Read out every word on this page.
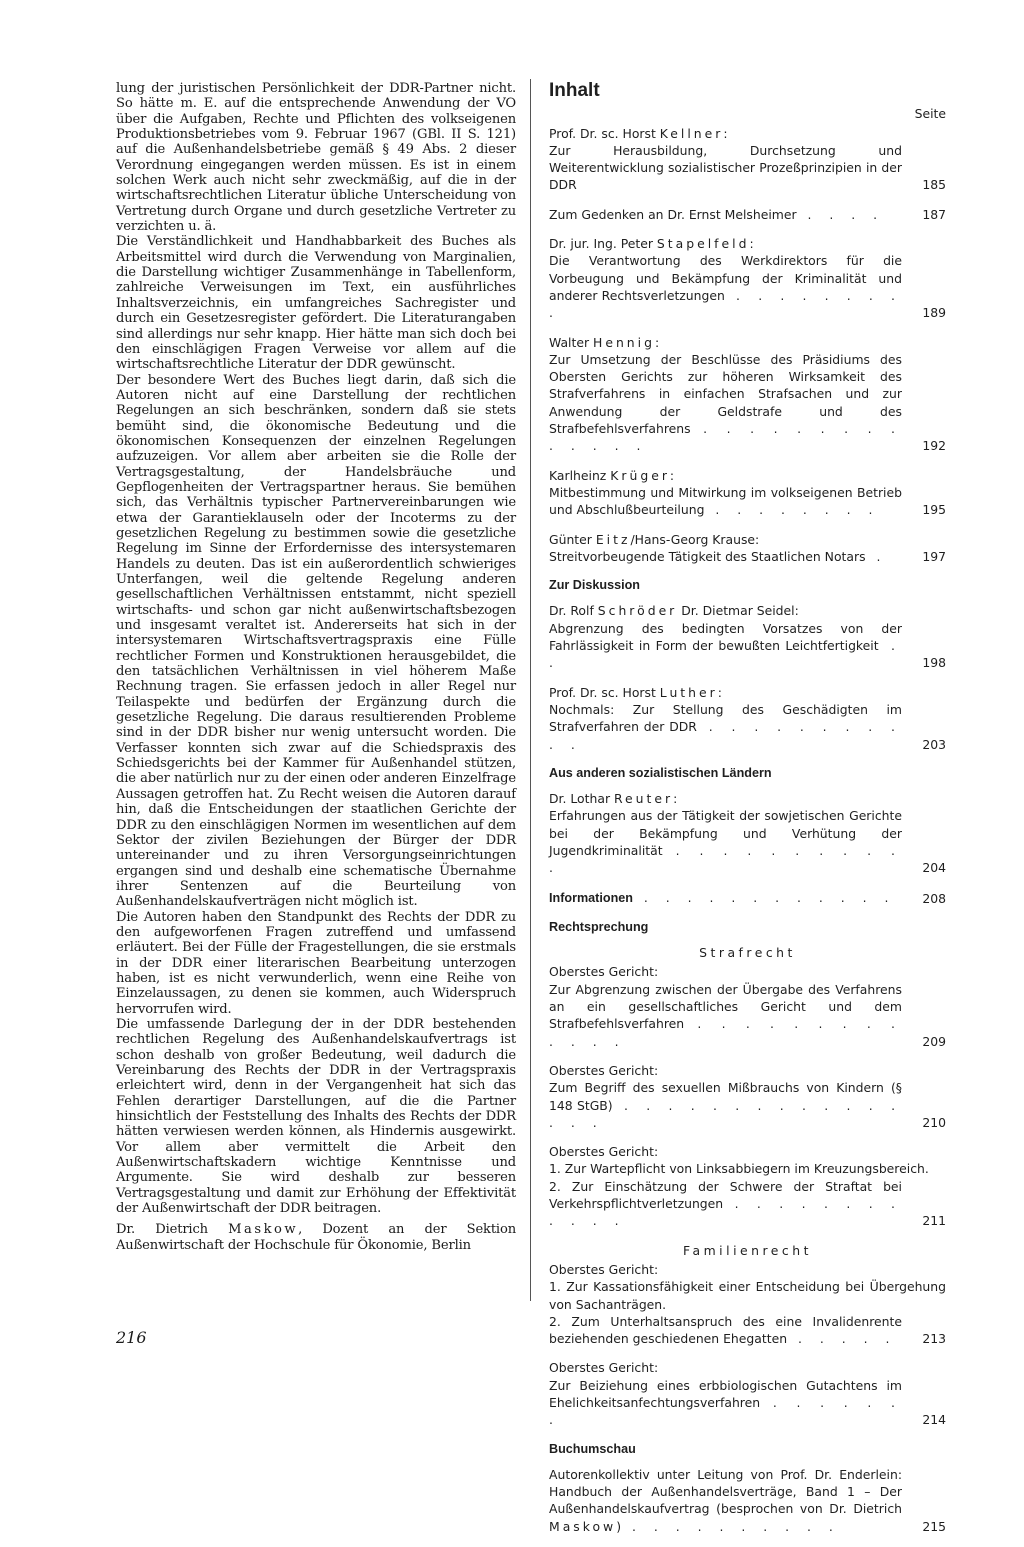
lung der juristischen Persönlichkeit der DDR-Partner nicht. So hätte m. E. auf die entsprechende Anwendung der VO über die Aufgaben, Rechte und Pflichten des volkseigenen Produktionsbetriebes vom 9. Februar 1967 (GBl. II S. 121) auf die Außenhandelsbetriebe gemäß § 49 Abs. 2 dieser Verordnung eingegangen werden müssen. Es ist in einem solchen Werk auch nicht sehr zweckmäßig, auf die in der wirtschaftsrechtlichen Literatur übliche Unterscheidung von Vertretung durch Organe und durch gesetzliche Vertreter zu verzichten u. ä.

Die Verständlichkeit und Handhabbarkeit des Buches als Arbeitsmittel wird durch die Verwendung von Marginalien, die Darstellung wichtiger Zusammenhänge in Tabellenform, zahlreiche Verweisungen im Text, ein ausführliches Inhaltsverzeichnis, ein umfangreiches Sachregister und durch ein Gesetzesregister gefördert. Die Literaturangaben sind allerdings nur sehr knapp. Hier hätte man sich doch bei den einschlägigen Fragen Verweise vor allem auf die wirtschaftsrechtliche Literatur der DDR gewünscht.

Der besondere Wert des Buches liegt darin, daß sich die Autoren nicht auf eine Darstellung der rechtlichen Regelungen an sich beschränken, sondern daß sie stets bemüht sind, die ökonomische Bedeutung und die ökonomischen Konsequenzen der einzelnen Regelungen aufzuzeigen. Vor allem aber arbeiten sie die Rolle der Vertragsgestaltung, der Handelsbräuche und Gepflogenheiten der Vertragspartner heraus. Sie bemühen sich, das Verhältnis typischer Partnervereinbarungen wie etwa der Garantieklauseln oder der Incoterms zu der gesetzlichen Regelung zu bestimmen sowie die gesetzliche Regelung im Sinne der Erfordernisse des intersystemaren Handels zu deuten. Das ist ein außerordentlich schwieriges Unterfangen, weil die geltende Regelung anderen gesellschaftlichen Verhältnissen entstammt, nicht speziell wirtschafts- und schon gar nicht außenwirtschaftsbezogen und insgesamt veraltet ist. Andererseits hat sich in der intersystemaren Wirtschaftsvertragspraxis eine Fülle rechtlicher Formen und Konstruktionen herausgebildet, die den tatsächlichen Verhältnissen in viel höherem Maße Rechnung tragen. Sie erfassen jedoch in aller Regel nur Teilaspekte und bedürfen der Ergänzung durch die gesetzliche Regelung. Die daraus resultierenden Probleme sind in der DDR bisher nur wenig untersucht worden. Die Verfasser konnten sich zwar auf die Schiedspraxis des Schiedsgerichts bei der Kammer für Außenhandel stützen, die aber natürlich nur zu der einen oder anderen Einzelfrage Aussagen getroffen hat. Zu Recht weisen die Autoren darauf hin, daß die Entscheidungen der staatlichen Gerichte der DDR zu den einschlägigen Normen im wesentlichen auf dem Sektor der zivilen Beziehungen der Bürger der DDR untereinander und zu ihren Versorgungseinrichtungen ergangen sind und deshalb eine schematische Übernahme ihrer Sentenzen auf die Beurteilung von Außenhandelskaufverträgen nicht möglich ist.

Die Autoren haben den Standpunkt des Rechts der DDR zu den aufgeworfenen Fragen zutreffend und umfassend erläutert. Bei der Fülle der Fragestellungen, die sie erstmals in der DDR einer literarischen Bearbeitung unterzogen haben, ist es nicht verwunderlich, wenn eine Reihe von Einzelaussagen, zu denen sie kommen, auch Widerspruch hervorrufen wird.

Die umfassende Darlegung der in der DDR bestehenden rechtlichen Regelung des Außenhandelskaufvertrags ist schon deshalb von großer Bedeutung, weil dadurch die Vereinbarung des Rechts der DDR in der Vertragspraxis erleichtert wird, denn in der Vergangenheit hat sich das Fehlen derartiger Darstellungen, auf die die Partner hinsichtlich der Feststellung des Inhalts des Rechts der DDR hätten verwiesen werden können, als Hindernis ausgewirkt. Vor allem aber vermittelt die Arbeit den Außenwirtschaftskadern wichtige Kenntnisse und Argumente. Sie wird deshalb zur besseren Vertragsgestaltung und damit zur Erhöhung der Effektivität der Außenwirtschaft der DDR beitragen.

Dr. Dietrich Maskow, Dozent an der Sektion Außenwirtschaft der Hochschule für Ökonomie, Berlin

216
Inhalt
Seite
Prof. Dr. sc. Horst Kellner:
Zur Herausbildung, Durchsetzung und Weiterentwicklung sozialistischer Prozeßprinzipien in der DDR	185
Zum Gedenken an Dr. Ernst Melsheimer . . . .	187
Dr. jur. Ing. Peter Stapelfeld:
Die Verantwortung des Werkdirektors für die Vorbeugung und Bekämpfung der Kriminalität und anderer Rechtsverletzungen . . . . . . . . .	189
Walter Hennig:
Zur Umsetzung der Beschlüsse des Präsidiums des Obersten Gerichts zur höheren Wirksamkeit des Strafverfahrens in einfachen Strafsachen und zur Anwendung der Geldstrafe und des Strafbefehlsverfahrens . . . . . . . . . . . . . .	192
Karlheinz Krüger:
Mitbestimmung und Mitwirkung im volkseigenen Betrieb und Abschlußbeurteilung . . . . . . . .	195
Günter Eitz/Hans-Georg Krause:
Streitvorbeugende Tätigkeit des Staatlichen Notars .	197
Zur Diskussion
Dr. Rolf Schröder Dr. Dietmar Seidel:
Abgrenzung des bedingten Vorsatzes von der Fahrlässigkeit in Form der bewußten Leichtfertigkeit . .	198
Prof. Dr. sc. Horst Luther:
Nochmals: Zur Stellung des Geschädigten im Strafverfahren der DDR . . . . . . . . . . .	203
Aus anderen sozialistischen Ländern
Dr. Lothar Reuter:
Erfahrungen aus der Tätigkeit der sowjetischen Gerichte bei der Bekämpfung und Verhütung der Jugendkriminalität . . . . . . . . . . .	204
Informationen . . . . . . . . . . . .	208
Rechtsprechung
Strafrecht
Oberstes Gericht:
Zur Abgrenzung zwischen der Übergabe des Verfahrens an ein gesellschaftliches Gericht und dem Strafbefehlsverfahren . . . . . . . . . . . . .	209
Oberstes Gericht:
Zum Begriff des sexuellen Mißbrauchs von Kindern (§ 148 StGB) . . . . . . . . . . . . . . . .	210
Oberstes Gericht:
1. Zur Wartepflicht von Linksabbiegern im Kreuzungsbereich.
2. Zur Einschätzung der Schwere der Straftat bei Verkehrspflichtverletzungen . . . . . . . . . . . .	211
Familienrecht
Oberstes Gericht:
1. Zur Kassationsfähigkeit einer Entscheidung bei Übergehung von Sachanträgen.
2. Zum Unterhaltsanspruch des eine Invalidenrente beziehenden geschiedenen Ehegatten . . . . .	213
Oberstes Gericht:
Zur Beiziehung eines erbbiologischen Gutachtens im Ehelichkeitsanfechtungsverfahren . . . . . . .	214
Buchumschau
Autorenkollektiv unter Leitung von Prof. Dr. Enderlein: Handbuch der Außenhandelsverträge, Band 1 – Der Außenhandelskaufvertrag (besprochen von Dr. Dietrich Maskow) . . . . . . . . . .	215
